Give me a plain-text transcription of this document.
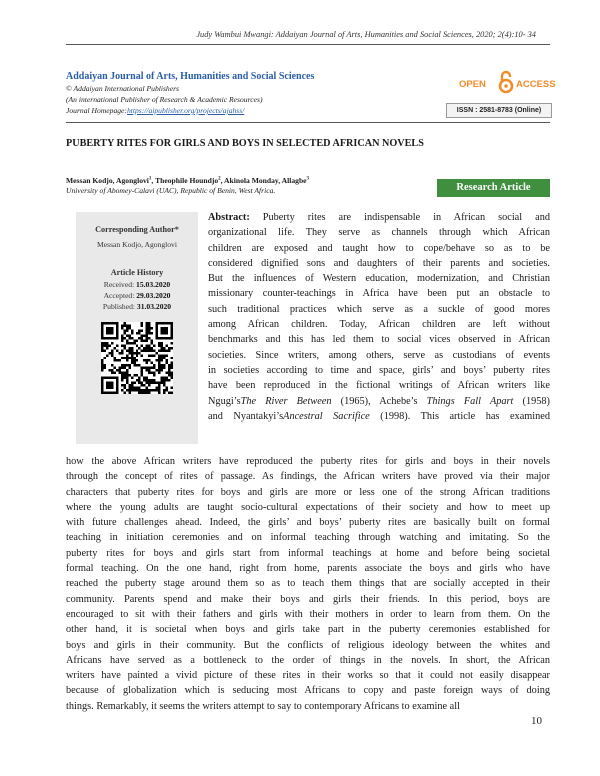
Judy Wambui Mwangi: Addaiyan Journal of Arts, Humanities and Social Sciences, 2020; 2(4):10- 34
Addaiyan Journal of Arts, Humanities and Social Sciences
© Addaiyan International Publishers
(An international Publisher of Research & Academic Resources)
Journal Homepage:https://aipublisher.org/projects/ajahss/
OPEN	ACCESS
ISSN : 2581-8783 (Online)
PUBERTY RITES FOR GIRLS AND BOYS IN SELECTED AFRICAN NOVELS
Messan Kodjo, Agonglovi$^1$, Theophile Houndjo$^2$, Akinola Monday, Allagbe$^3$
University of Abomey-Calavi (UAC), Republic of Benin, West Africa.	Research Article
Corresponding Author*
Messan Kodjo, Agonglovi
Article History
Received: 15.03.2020
Accepted: 29.03.2020
Published: 31.03.2020
Abstract: Puberty rites are indispensable in African social and
organizational life. They serve as channels through which African
children are exposed and taught how to cope/behave so as to be
considered dignified sons and daughters of their parents and societies.
But the influences of Western education, modernization, and Christian
missionary counter-teachings in Africa have been put an obstacle to
such traditional practices which serve as a suckle of good mores
among African children. Today, African children are left without
benchmarks and this has led them to social vices observed in African
societies. Since writers, among others, serve as custodians of events
in societies according to time and space, girls’ and boys’ puberty rites
have been reproduced in the fictional writings of African writers like
Ngugi’sThe River Between (1965), Achebe’s Things Fall Apart (1958)
and Nyantakyi’sAncestral Sacrifice (1998). This article has examined
how the above African writers have reproduced the puberty rites for girls and boys in their novels
through the concept of rites of passage. As findings, the African writers have proved via their major
characters that puberty rites for boys and girls are more or less one of the strong African traditions
where the young adults are taught socio-cultural expectations of their society and how to meet up
with future challenges ahead. Indeed, the girls’ and boys’ puberty rites are basically built on formal
teaching in initiation ceremonies and on informal teaching through watching and imitating. So the
puberty rites for boys and girls start from informal teachings at home and before being societal
formal teaching. On the one hand, right from home, parents associate the boys and girls who have
reached the puberty stage around them so as to teach them things that are socially accepted in their
community. Parents spend and make their boys and girls their friends. In this period, boys are
encouraged to sit with their fathers and girls with their mothers in order to learn from them. On the
other hand, it is societal when boys and girls take part in the puberty ceremonies established for
boys and girls in their community. But the conflicts of religious ideology between the whites and
Africans have served as a bottleneck to the order of things in the novels. In short, the African
writers have painted a vivid picture of these rites in their works so that it could not easily disappear
because of globalization which is seducing most Africans to copy and paste foreign ways of doing
things. Remarkably, it seems the writers attempt to say to contemporary Africans to examine all
10
